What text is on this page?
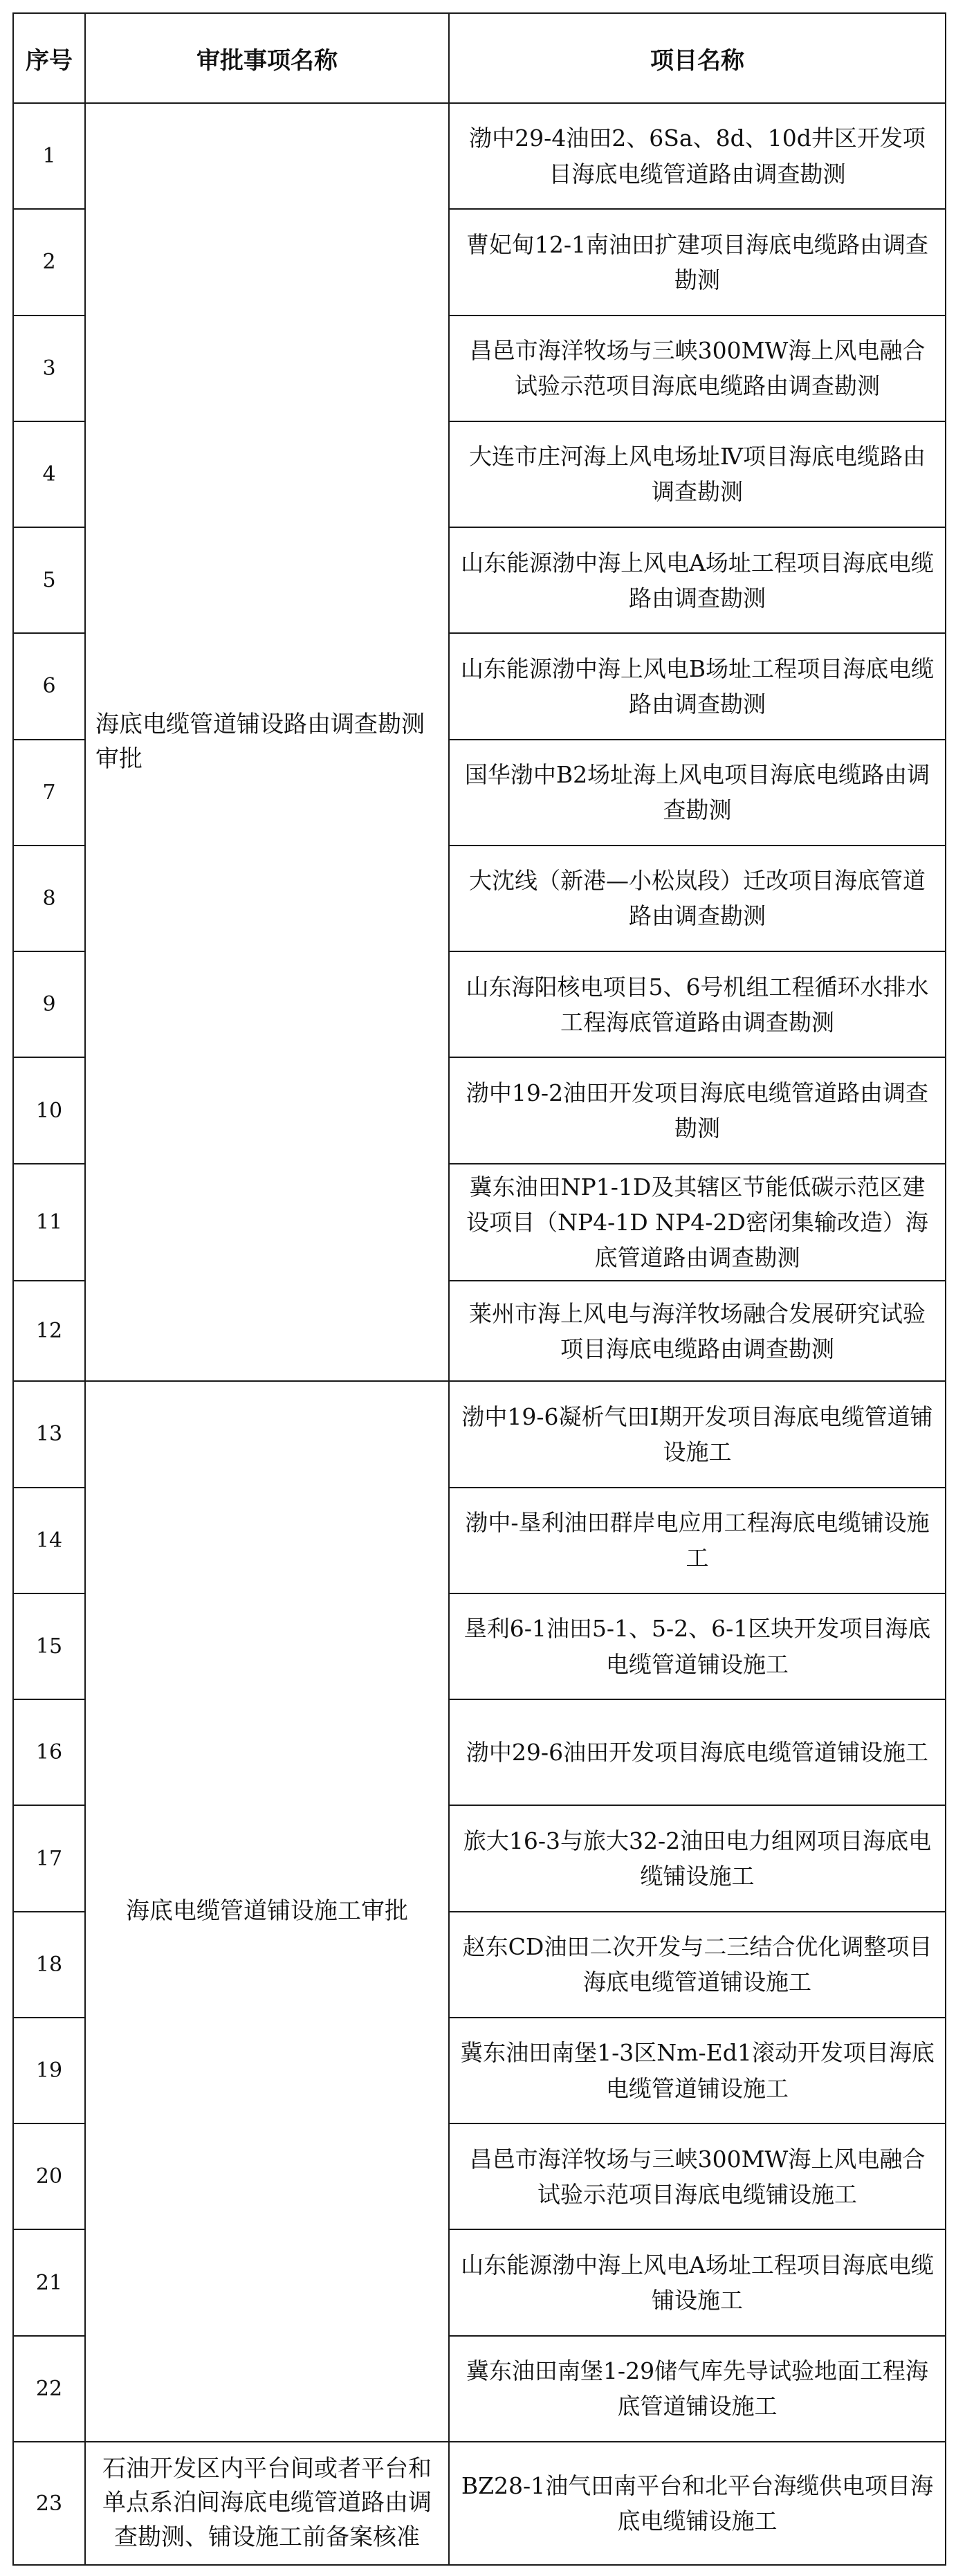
序号	审批事项名称	项目名称
1	海底电缆管道铺设路由调查勘测审批	渤中29-4油田2、6Sa、8d、10d井区开发项目海底电缆管道路由调查勘测
2		曹妃甸12-1南油田扩建项目海底电缆路由调查勘测
3		昌邑市海洋牧场与三峡300MW海上风电融合试验示范项目海底电缆路由调查勘测
4		大连市庄河海上风电场址Ⅳ项目海底电缆路由调查勘测
5		山东能源渤中海上风电A场址工程项目海底电缆路由调查勘测
6		山东能源渤中海上风电B场址工程项目海底电缆路由调查勘测
7		国华渤中B2场址海上风电项目海底电缆路由调查勘测
8		大沈线（新港—小松岚段）迁改项目海底管道路由调查勘测
9		山东海阳核电项目5、6号机组工程循环水排水工程海底管道路由调查勘测
10		渤中19-2油田开发项目海底电缆管道路由调查勘测
11		冀东油田NP1-1D及其辖区节能低碳示范区建设项目（NP4-1D NP4-2D密闭集输改造）海底管道路由调查勘测
12		莱州市海上风电与海洋牧场融合发展研究试验项目海底电缆路由调查勘测
13	海底电缆管道铺设施工审批	渤中19-6凝析气田I期开发项目海底电缆管道铺设施工
14		渤中-垦利油田群岸电应用工程海底电缆铺设施工
15		垦利6-1油田5-1、5-2、6-1区块开发项目海底电缆管道铺设施工
16		渤中29-6油田开发项目海底电缆管道铺设施工
17		旅大16-3与旅大32-2油田电力组网项目海底电缆铺设施工
18		赵东CD油田二次开发与二三结合优化调整项目海底电缆管道铺设施工
19		冀东油田南堡1-3区Nm-Ed1滚动开发项目海底电缆管道铺设施工
20		昌邑市海洋牧场与三峡300MW海上风电融合试验示范项目海底电缆铺设施工
21		山东能源渤中海上风电A场址工程项目海底电缆铺设施工
22		冀东油田南堡1-29储气库先导试验地面工程海底管道铺设施工
23	石油开发区内平台间或者平台和单点系泊间海底电缆管道路由调查勘测、铺设施工前备案核准	BZ28-1油气田南平台和北平台海缆供电项目海底电缆铺设施工
